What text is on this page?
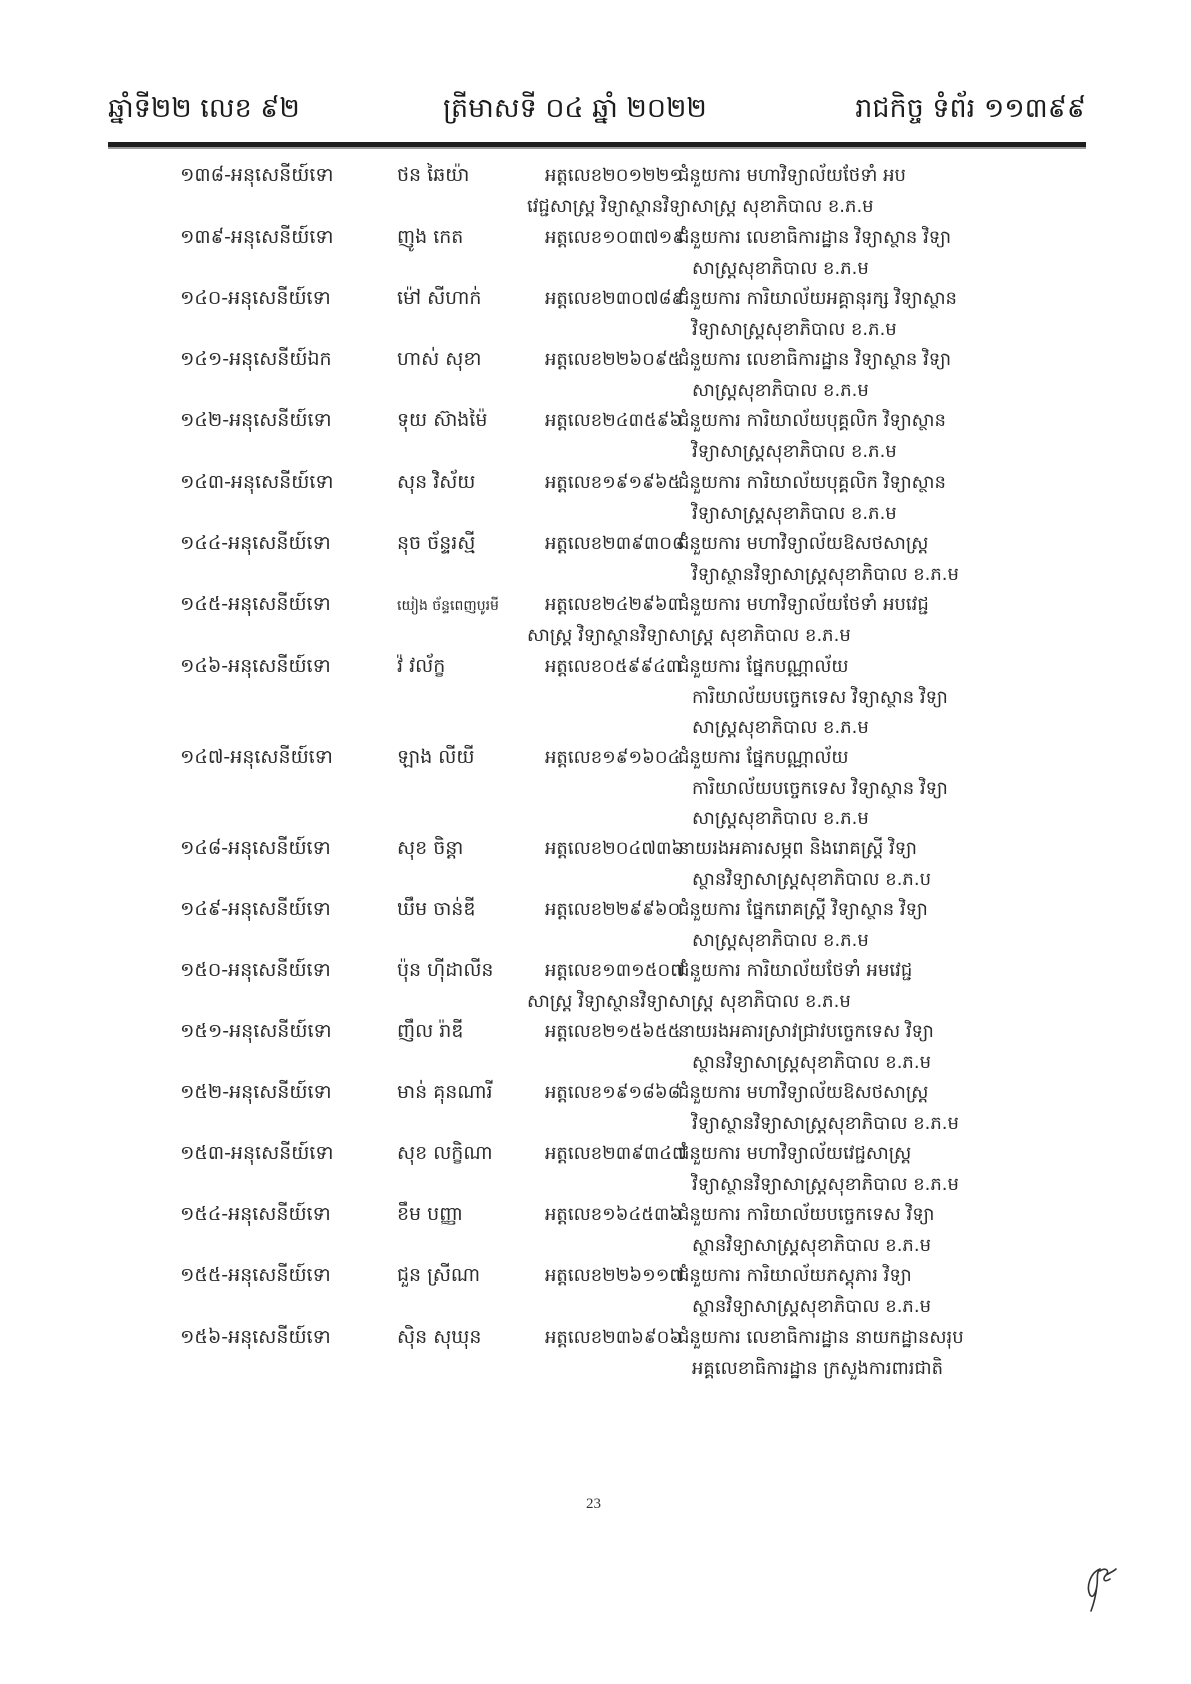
ឆ្នាំទី២២ លេខ ៩២	ត្រីមាសទី ០៤ ឆ្នាំ ២០២២	រាជកិច្ច ទំព័រ ១១៣៩៩
១៣៨-អនុសេនីយ៍ទោ	ថន ឆៃយ៉ា	អត្តលេខ២០១២២១
ជំនួយការ មហាវិទ្យាល័យថែទាំ អប
វេជ្ជសាស្ត្រ វិទ្យាស្ថានវិទ្យាសាស្ត្រ សុខាភិបាល ខ.ភ.ម
១៣៩-អនុសេនីយ៍ទោ	ញូង កេត	អត្តលេខ១០៣៧១៩
ជំនួយការ លេខាធិការដ្ឋាន វិទ្យាស្ថាន វិទ្យា
សាស្ត្រសុខាភិបាល ខ.ភ.ម
១៤០-អនុសេនីយ៍ទោ	ម៉ៅ សីហាក់	អត្តលេខ២៣០៧៨៩
ជំនួយការ ការិយាល័យអគ្គានុរក្ស វិទ្យាស្ថាន
វិទ្យាសាស្ត្រសុខាភិបាល ខ.ភ.ម
១៤១-អនុសេនីយ៍ឯក	ហាស់ សុខា	អត្តលេខ២២៦០៩៥
ជំនួយការ លេខាធិការដ្ឋាន វិទ្យាស្ថាន វិទ្យា
សាស្ត្រសុខាភិបាល ខ.ភ.ម
១៤២-អនុសេនីយ៍ទោ	ទុយ ស៊ាងម៉ៃ	អត្តលេខ២៤៣៥៩៦
ជំនួយការ ការិយាល័យបុគ្គលិក វិទ្យាស្ថាន
វិទ្យាសាស្ត្រសុខាភិបាល ខ.ភ.ម
១៤៣-អនុសេនីយ៍ទោ	សុន វិស័យ	អត្តលេខ១៩១៩៦៥
ជំនួយការ ការិយាល័យបុគ្គលិក វិទ្យាស្ថាន
វិទ្យាសាស្ត្រសុខាភិបាល ខ.ភ.ម
១៤៤-អនុសេនីយ៍ទោ	នុច ច័ន្ទរស្មី	អត្តលេខ២៣៩៣០៨
ជំនួយការ មហាវិទ្យាល័យឱសថសាស្ត្រ
វិទ្យាស្ថានវិទ្យាសាស្ត្រសុខាភិបាល ខ.ភ.ម
១៤៥-អនុសេនីយ៍ទោ	យៀង ច័ន្ទពេញបូរមី	អត្តលេខ២៤២៩៦៣
ជំនួយការ មហាវិទ្យាល័យថែទាំ អបវេជ្ជ
សាស្ត្រ វិទ្យាស្ថានវិទ្យាសាស្ត្រ សុខាភិបាល ខ.ភ.ម
១៤៦-អនុសេនីយ៍ទោ	វ៉ វល័ក្ខ	អត្តលេខ០៥៩៩៤៣
ជំនួយការ ផ្នែកបណ្ណាល័យ
ការិយាល័យបច្ចេកទេស វិទ្យាស្ថាន វិទ្យា
សាស្ត្រសុខាភិបាល ខ.ភ.ម
១៤៧-អនុសេនីយ៍ទោ	ឡាង លីយី	អត្តលេខ១៩១៦០៤
ជំនួយការ ផ្នែកបណ្ណាល័យ
ការិយាល័យបច្ចេកទេស វិទ្យាស្ថាន វិទ្យា
សាស្ត្រសុខាភិបាល ខ.ភ.ម
១៤៨-អនុសេនីយ៍ទោ	សុខ ចិន្តា	អត្តលេខ២០៤៧៣៦
នាយរងអគារសម្ភព និងរោគស្ត្រី វិទ្យា
ស្ថានវិទ្យាសាស្ត្រសុខាភិបាល ខ.ភ.ប
១៤៩-អនុសេនីយ៍ទោ	ឃឹម ចាន់ឌី	អត្តលេខ២២៩៩៦០
ជំនួយការ ផ្នែករោគស្ត្រី វិទ្យាស្ថាន វិទ្យា
សាស្ត្រសុខាភិបាល ខ.ភ.ម
១៥០-អនុសេនីយ៍ទោ	ប៉ុន ហ៊ីដាលីន	អត្តលេខ១៣១៥០៧
ជំនួយការ ការិយាល័យថែទាំ អមវេជ្ជ
សាស្ត្រ វិទ្យាស្ថានវិទ្យាសាស្ត្រ សុខាភិបាល ខ.ភ.ម
១៥១-អនុសេនីយ៍ទោ	ញឹល រ៉ាឌី	អត្តលេខ២១៥៦៥៥
នាយរងអគារស្រាវជ្រាវបច្ចេកទេស វិទ្យា
ស្ថានវិទ្យាសាស្ត្រសុខាភិបាល ខ.ភ.ម
១៥២-អនុសេនីយ៍ទោ	មាន់ គុនណារី	អត្តលេខ១៩១៨៦៨
ជំនួយការ មហាវិទ្យាល័យឱសថសាស្ត្រ
វិទ្យាស្ថានវិទ្យាសាស្ត្រសុខាភិបាល ខ.ភ.ម
១៥៣-អនុសេនីយ៍ទោ	សុខ លក្ខិណា	អត្តលេខ២៣៩៣៤៧
ជំនួយការ មហាវិទ្យាល័យវេជ្ជសាស្ត្រ
វិទ្យាស្ថានវិទ្យាសាស្ត្រសុខាភិបាល ខ.ភ.ម
១៥៤-អនុសេនីយ៍ទោ	ខឹម បញ្ញា	អត្តលេខ១៦៤៥៣៦
ជំនួយការ ការិយាល័យបច្ចេកទេស វិទ្យា
ស្ថានវិទ្យាសាស្ត្រសុខាភិបាល ខ.ភ.ម
១៥៥-អនុសេនីយ៍ទោ	ជួន ស្រីណា	អត្តលេខ២២៦១១៧
ជំនួយការ ការិយាល័យភស្តុភារ វិទ្យា
ស្ថានវិទ្យាសាស្ត្រសុខាភិបាល ខ.ភ.ម
១៥៦-អនុសេនីយ៍ទោ	ស៊ិន សុឃុន	អត្តលេខ២៣៦៩០៦
ជំនួយការ លេខាធិការដ្ឋាន នាយកដ្ឋានសរុប
អគ្គលេខាធិការដ្ឋាន ក្រសួងការពារជាតិ
23
